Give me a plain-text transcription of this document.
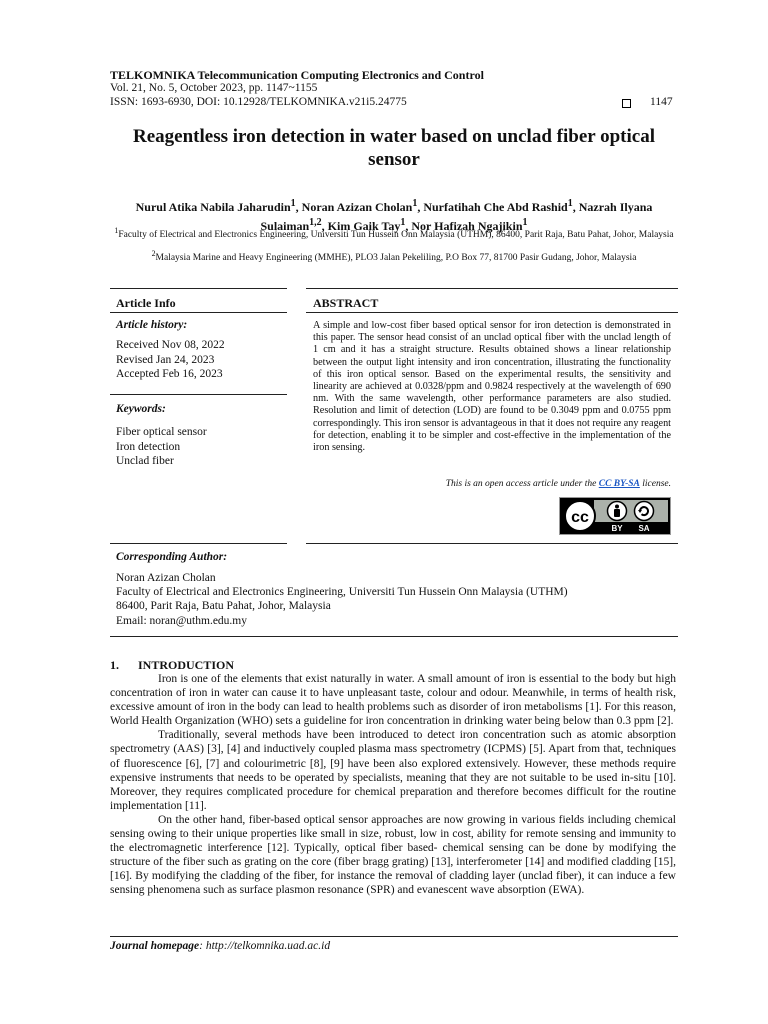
TELKOMNIKA Telecommunication Computing Electronics and Control
Vol. 21, No. 5, October 2023, pp. 1147~1155
ISSN: 1693-6930, DOI: 10.12928/TELKOMNIKA.v21i5.24775	1147
Reagentless iron detection in water based on unclad fiber optical sensor
Nurul Atika Nabila Jaharudin$^1$, Noran Azizan Cholan$^1$, Nurfatihah Che Abd Rashid$^1$, Nazrah Ilyana Sulaiman$^{1,2}$, Kim Gaik Tay$^1$, Nor Hafizah Ngajikin$^1$
$^1$Faculty of Electrical and Electronics Engineering, Universiti Tun Hussein Onn Malaysia (UTHM), 86400, Parit Raja, Batu Pahat, Johor, Malaysia
$^2$Malaysia Marine and Heavy Engineering (MMHE), PLO3 Jalan Pekeliling, P.O Box 77, 81700 Pasir Gudang, Johor, Malaysia
Article Info
Article history:
Received Nov 08, 2022
Revised Jan 24, 2023
Accepted Feb 16, 2023
Keywords:
Fiber optical sensor
Iron detection
Unclad fiber
ABSTRACT
A simple and low-cost fiber based optical sensor for iron detection is demonstrated in this paper. The sensor head consist of an unclad optical fiber with the unclad length of 1 cm and it has a straight structure. Results obtained shows a linear relationship between the output light intensity and iron concentration, illustrating the functionality of this iron optical sensor. Based on the experimental results, the sensitivity and linearity are achieved at 0.0328/ppm and 0.9824 respectively at the wavelength of 690 nm. With the same wavelength, other performance parameters are also studied. Resolution and limit of detection (LOD) are found to be 0.3049 ppm and 0.0755 ppm correspondingly. This iron sensor is advantageous in that it does not require any reagent for detection, enabling it to be simpler and cost-effective in the implementation of the iron sensing.
This is an open access article under the CC BY-SA license.
cc
BY SA
Corresponding Author:
Noran Azizan Cholan
Faculty of Electrical and Electronics Engineering, Universiti Tun Hussein Onn Malaysia (UTHM)
86400, Parit Raja, Batu Pahat, Johor, Malaysia
Email: noran@uthm.edu.my
1. INTRODUCTION

Iron is one of the elements that exist naturally in water. A small amount of iron is essential to the body but high concentration of iron in water can cause it to have unpleasant taste, colour and odour. Meanwhile, in terms of health risk, excessive amount of iron in the body can lead to health problems such as disorder of iron metabolisms [1]. For this reason, World Health Organization (WHO) sets a guideline for iron concentration in drinking water being below than 0.3 ppm [2].

Traditionally, several methods have been introduced to detect iron concentration such as atomic absorption spectrometry (AAS) [3], [4] and inductively coupled plasma mass spectrometry (ICPMS) [5]. Apart from that, techniques of fluorescence [6], [7] and colourimetric [8], [9] have been also explored extensively. However, these methods require expensive instruments that needs to be operated by specialists, meaning that they are not suitable to be used in-situ [10]. Moreover, they requires complicated procedure for chemical preparation and therefore becomes difficult for the routine implementation [11].

On the other hand, fiber-based optical sensor approaches are now growing in various fields including chemical sensing owing to their unique properties like small in size, robust, low in cost, ability for remote sensing and immunity to the electromagnetic interference [12]. Typically, optical fiber based- chemical sensing can be done by modifying the structure of the fiber such as grating on the core (fiber bragg grating) [13], interferometer [14] and modified cladding [15], [16]. By modifying the cladding of the fiber, for instance the removal of cladding layer (unclad fiber), it can induce a few sensing phenomena such as surface plasmon resonance (SPR) and evanescent wave absorption (EWA).

Journal homepage: http://telkomnika.uad.ac.id
